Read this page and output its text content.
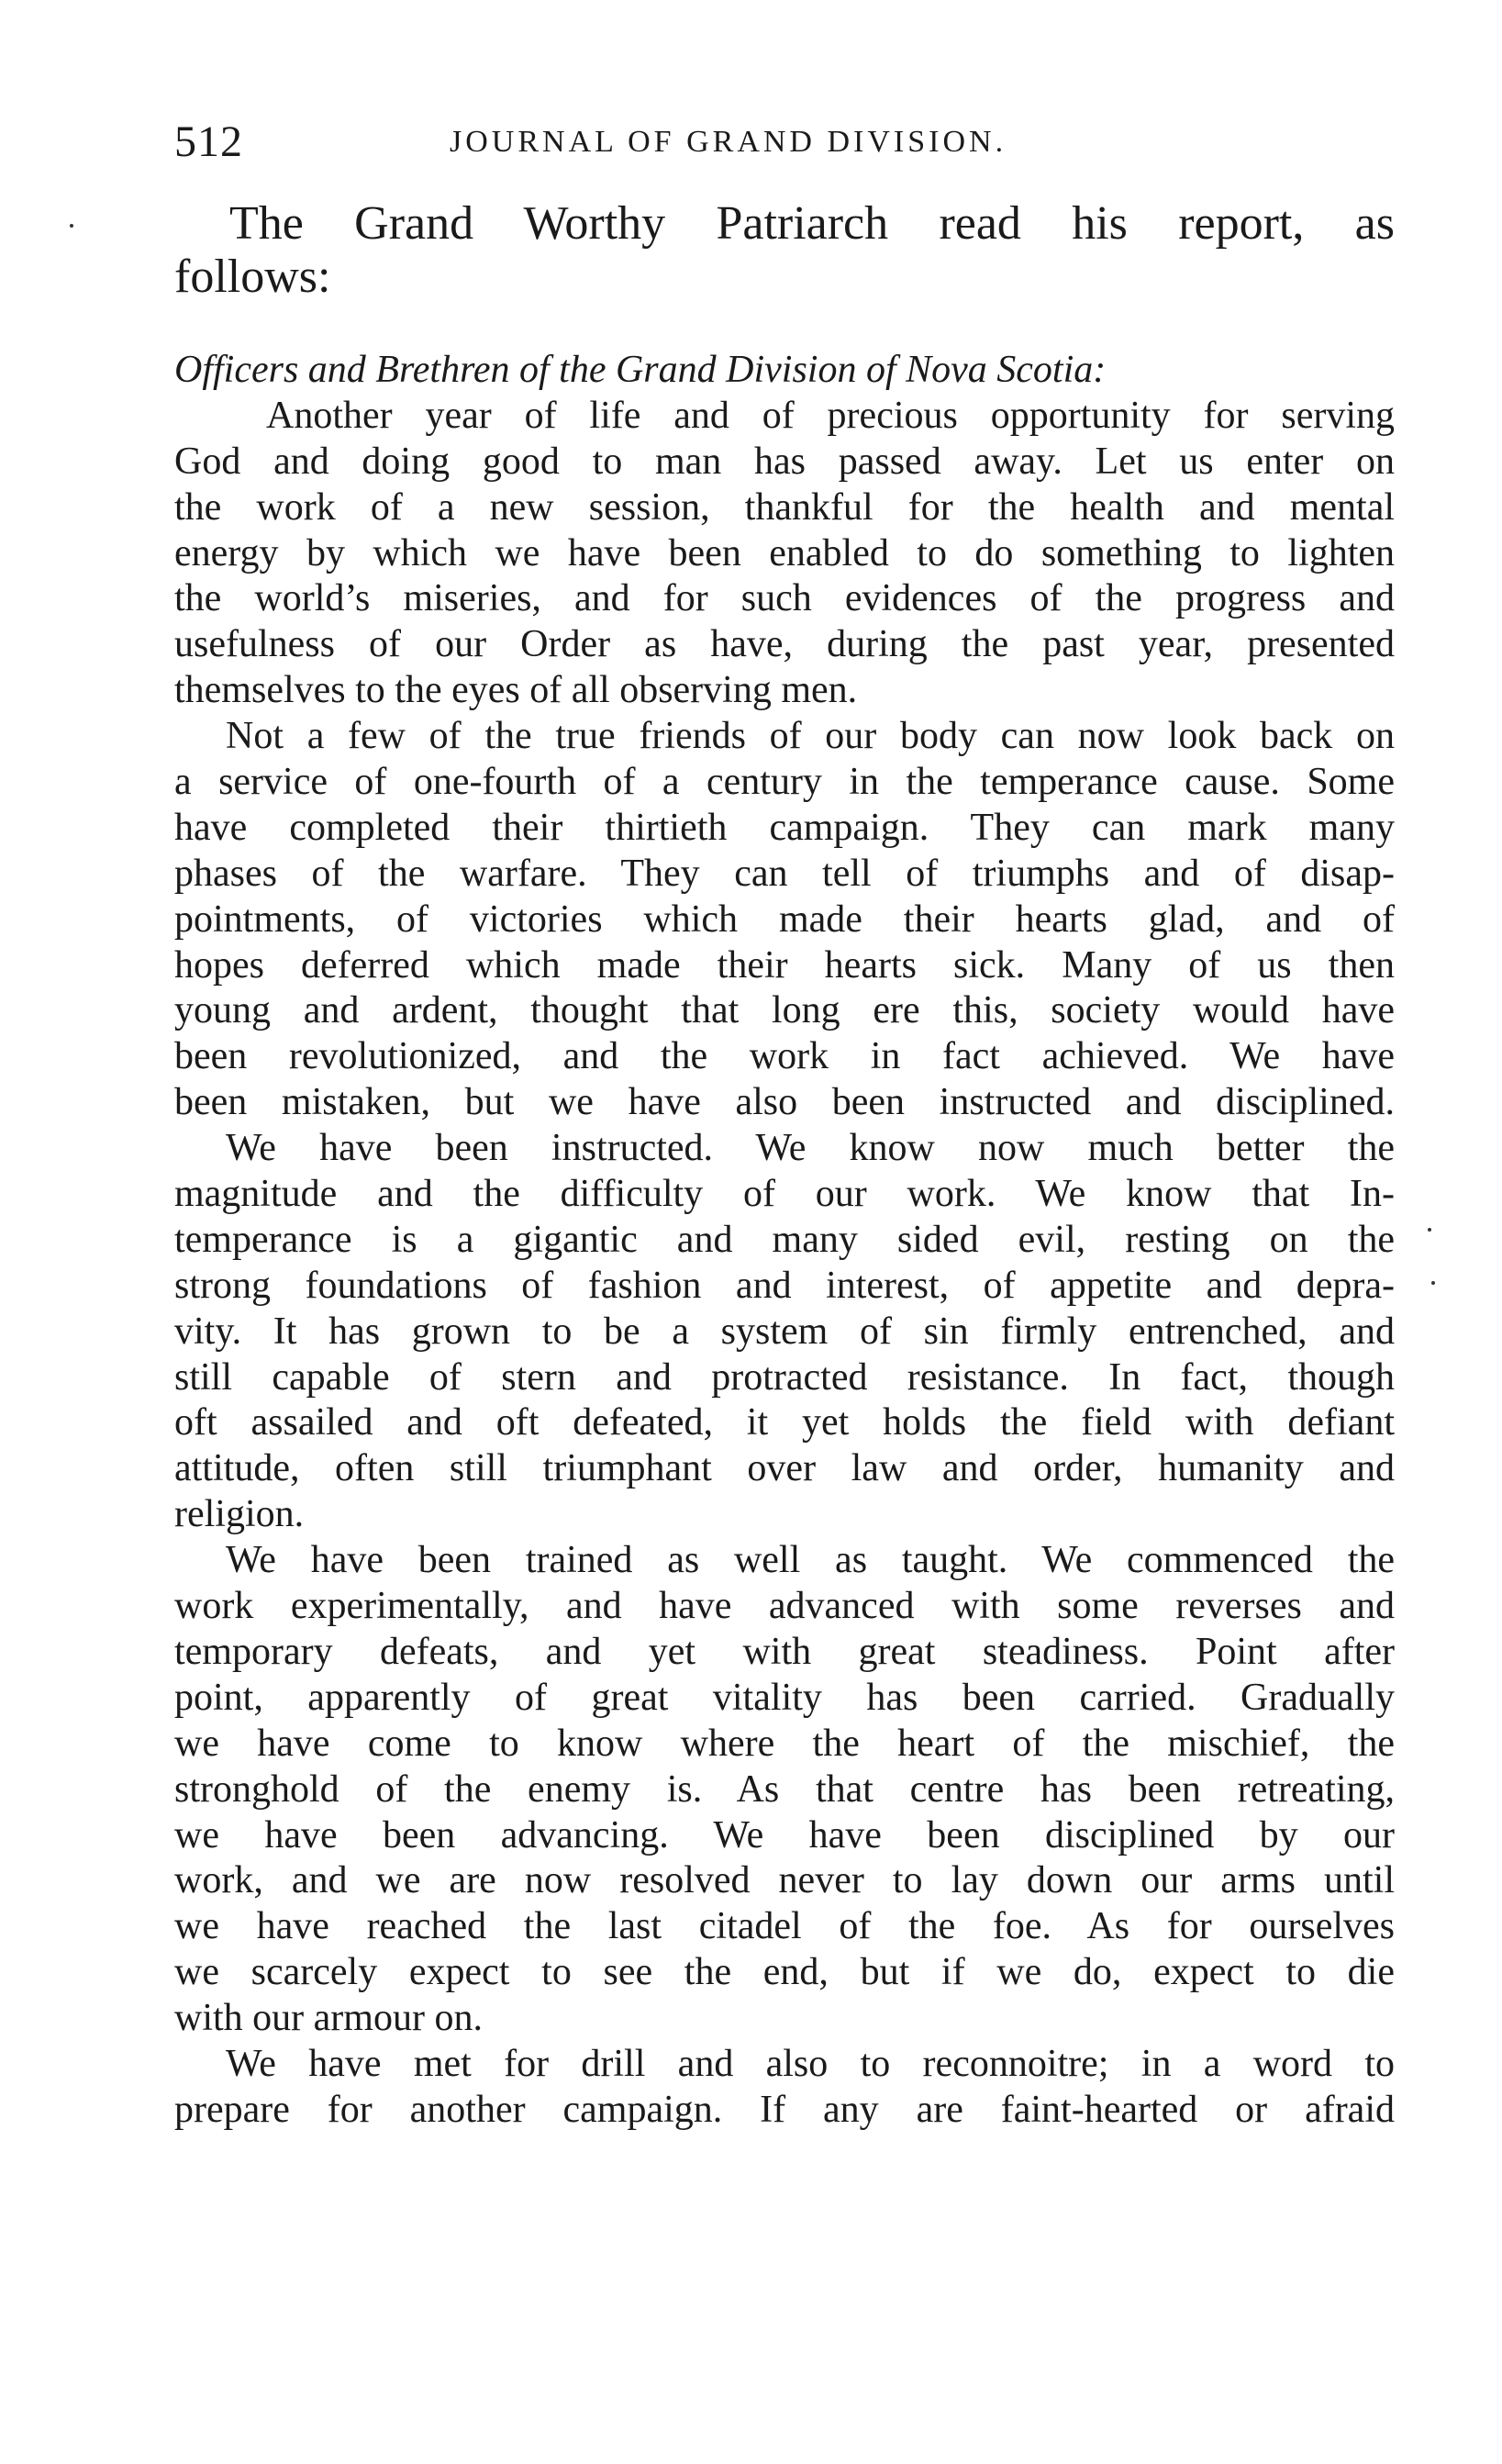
512	JOURNAL OF GRAND DIVISION.
The Grand Worthy Patriarch read his report, as
follows:
Officers and Brethren of the Grand Division of Nova Scotia:
Another year of life and of precious opportunity for serving
God and doing good to man has passed away. Let us enter on
the work of a new session, thankful for the health and mental
energy by which we have been enabled to do something to lighten
the world’s miseries, and for such evidences of the progress and
usefulness of our Order as have, during the past year, presented
themselves to the eyes of all observing men.
Not a few of the true friends of our body can now look back on
a service of one-fourth of a century in the temperance cause. Some
have completed their thirtieth campaign. They can mark many
phases of the warfare. They can tell of triumphs and of disap-
pointments, of victories which made their hearts glad, and of
hopes deferred which made their hearts sick. Many of us then
young and ardent, thought that long ere this, society would have
been revolutionized, and the work in fact achieved. We have
been mistaken, but we have also been instructed and disciplined.
We have been instructed. We know now much better the
magnitude and the difficulty of our work. We know that In-
temperance is a gigantic and many sided evil, resting on the
strong foundations of fashion and interest, of appetite and depra-
vity. It has grown to be a system of sin firmly entrenched, and
still capable of stern and protracted resistance. In fact, though
oft assailed and oft defeated, it yet holds the field with defiant
attitude, often still triumphant over law and order, humanity and
religion.
We have been trained as well as taught. We commenced the
work experimentally, and have advanced with some reverses and
temporary defeats, and yet with great steadiness. Point after
point, apparently of great vitality has been carried. Gradually
we have come to know where the heart of the mischief, the
stronghold of the enemy is. As that centre has been retreating,
we have been advancing. We have been disciplined by our
work, and we are now resolved never to lay down our arms until
we have reached the last citadel of the foe. As for ourselves
we scarcely expect to see the end, but if we do, expect to die
with our armour on.
We have met for drill and also to reconnoitre; in a word to
prepare for another campaign. If any are faint-hearted or afraid
